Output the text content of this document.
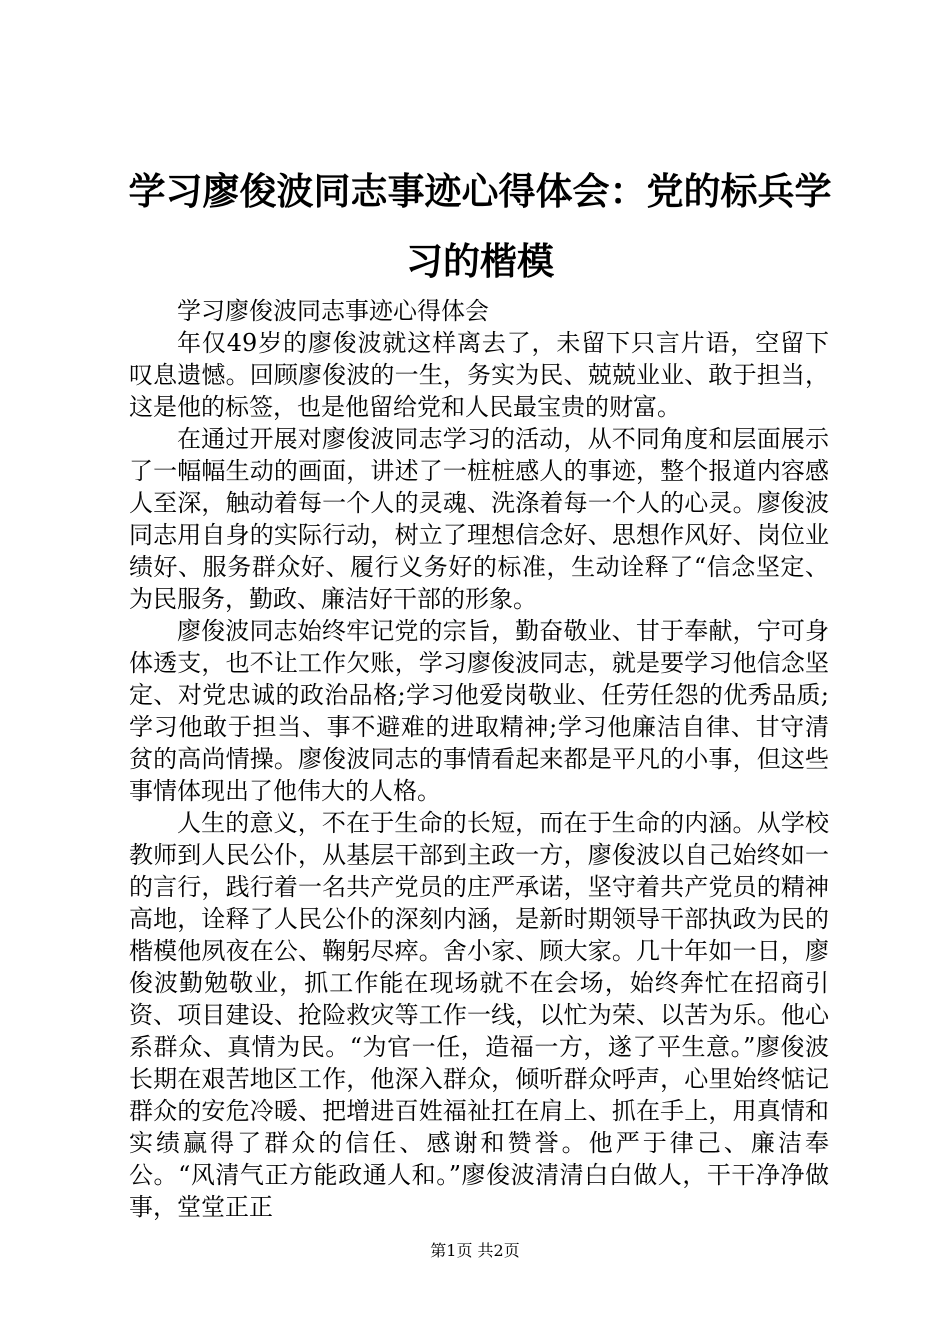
学习廖俊波同志事迹心得体会：党的标兵学习的楷模

学习廖俊波同志事迹心得体会

年仅49岁的廖俊波就这样离去了，未留下只言片语，空留下叹息遗憾。回顾廖俊波的一生，务实为民、兢兢业业、敢于担当，这是他的标签，也是他留给党和人民最宝贵的财富。

在通过开展对廖俊波同志学习的活动，从不同角度和层面展示了一幅幅生动的画面，讲述了一桩桩感人的事迹，整个报道内容感人至深，触动着每一个人的灵魂、洗涤着每一个人的心灵。廖俊波同志用自身的实际行动，树立了理想信念好、思想作风好、岗位业绩好、服务群众好、履行义务好的标准，生动诠释了“信念坚定、为民服务，勤政、廉洁好干部的形象。

廖俊波同志始终牢记党的宗旨，勤奋敬业、甘于奉献，宁可身体透支，也不让工作欠账，学习廖俊波同志，就是要学习他信念坚定、对党忠诚的政治品格;学习他爱岗敬业、任劳任怨的优秀品质;学习他敢于担当、事不避难的进取精神;学习他廉洁自律、甘守清贫的高尚情操。廖俊波同志的事情看起来都是平凡的小事，但这些事情体现出了他伟大的人格。

人生的意义，不在于生命的长短，而在于生命的内涵。从学校教师到人民公仆，从基层干部到主政一方，廖俊波以自己始终如一的言行，践行着一名共产党员的庄严承诺，坚守着共产党员的精神高地，诠释了人民公仆的深刻内涵，是新时期领导干部执政为民的楷模他夙夜在公、鞠躬尽瘁。舍小家、顾大家。几十年如一日，廖俊波勤勉敬业，抓工作能在现场就不在会场，始终奔忙在招商引资、项目建设、抢险救灾等工作一线，以忙为荣、以苦为乐。他心系群众、真情为民。“为官一任，造福一方，遂了平生意。”廖俊波长期在艰苦地区工作，他深入群众，倾听群众呼声，心里始终惦记群众的安危冷暖、把增进百姓福祉扛在肩上、抓在手上，用真情和实绩赢得了群众的信任、感谢和赞誉。他严于律己、廉洁奉公。“风清气正方能政通人和。”廖俊波清清白白做人，干干净净做事，堂堂正正

第1页 共2页
